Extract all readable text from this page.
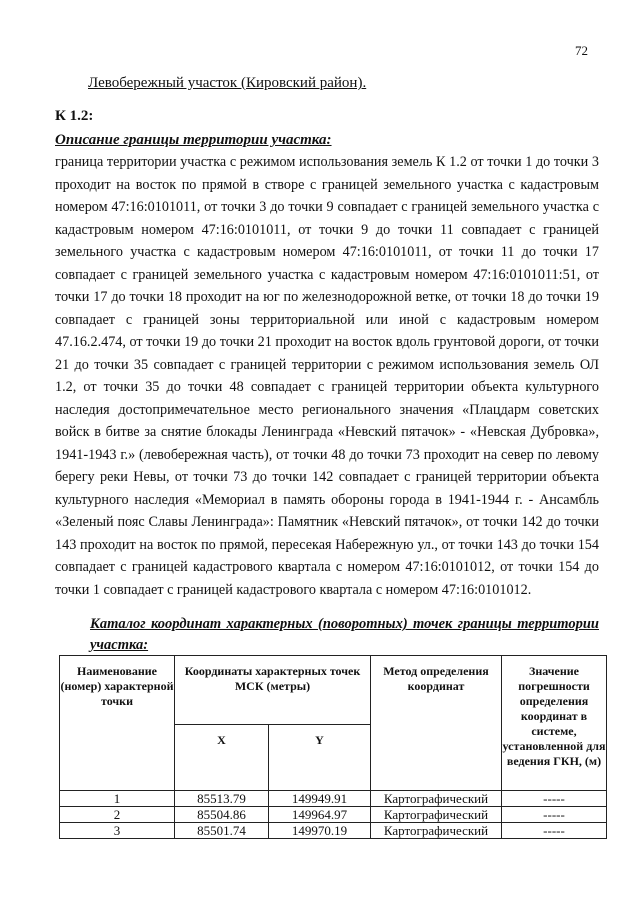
72
Левобережный участок (Кировский район).
К 1.2:
Описание границы территории участка:

граница территории участка с режимом использования земель К 1.2 от точки 1 до точки 3 проходит на восток по прямой в створе с границей земельного участка с кадастровым номером 47:16:0101011, от точки 3 до точки 9 совпадает с границей земельного участка с кадастровым номером 47:16:0101011, от точки 9 до точки 11 совпадает с границей земельного участка с кадастровым номером 47:16:0101011, от точки 11 до точки 17 совпадает с границей земельного участка с кадастровым номером 47:16:0101011:51, от точки 17 до точки 18 проходит на юг по железнодорожной ветке, от точки 18 до точки 19 совпадает с границей зоны территориальной или иной с кадастровым номером 47.16.2.474, от точки 19 до точки 21 проходит на восток вдоль грунтовой дороги, от точки 21 до точки 35 совпадает с границей территории с режимом использования земель ОЛ 1.2, от точки 35 до точки 48 совпадает с границей территории объекта культурного наследия достопримечательное место регионального значения «Плацдарм советских войск в битве за снятие блокады Ленинграда «Невский пятачок» - «Невская Дубровка», 1941-1943 г.» (левобережная часть), от точки 48 до точки 73 проходит на север по левому берегу реки Невы, от точки 73 до точки 142 совпадает с границей территории объекта культурного наследия «Мемориал в память обороны города в 1941-1944 г. - Ансамбль «Зеленый пояс Славы Ленинграда»: Памятник «Невский пятачок», от точки 142 до точки 143 проходит на восток по прямой, пересекая Набережную ул., от точки 143 до точки 154 совпадает с границей кадастрового квартала с номером 47:16:0101012, от точки 154 до точки 1 совпадает с границей кадастрового квартала с номером 47:16:0101012.

Каталог координат характерных (поворотных) точек границы территории участка:

Наименование (номер) характерной точки	Координаты характерных точек МСК (метры)		Метод определения координат	Значение погрешности определения координат в системе, установленной для ведения ГКН, (м)
	X	Y		
1	85513.79	149949.91	Картографический	-----
2	85504.86	149964.97	Картографический	-----
3	85501.74	149970.19	Картографический	-----
